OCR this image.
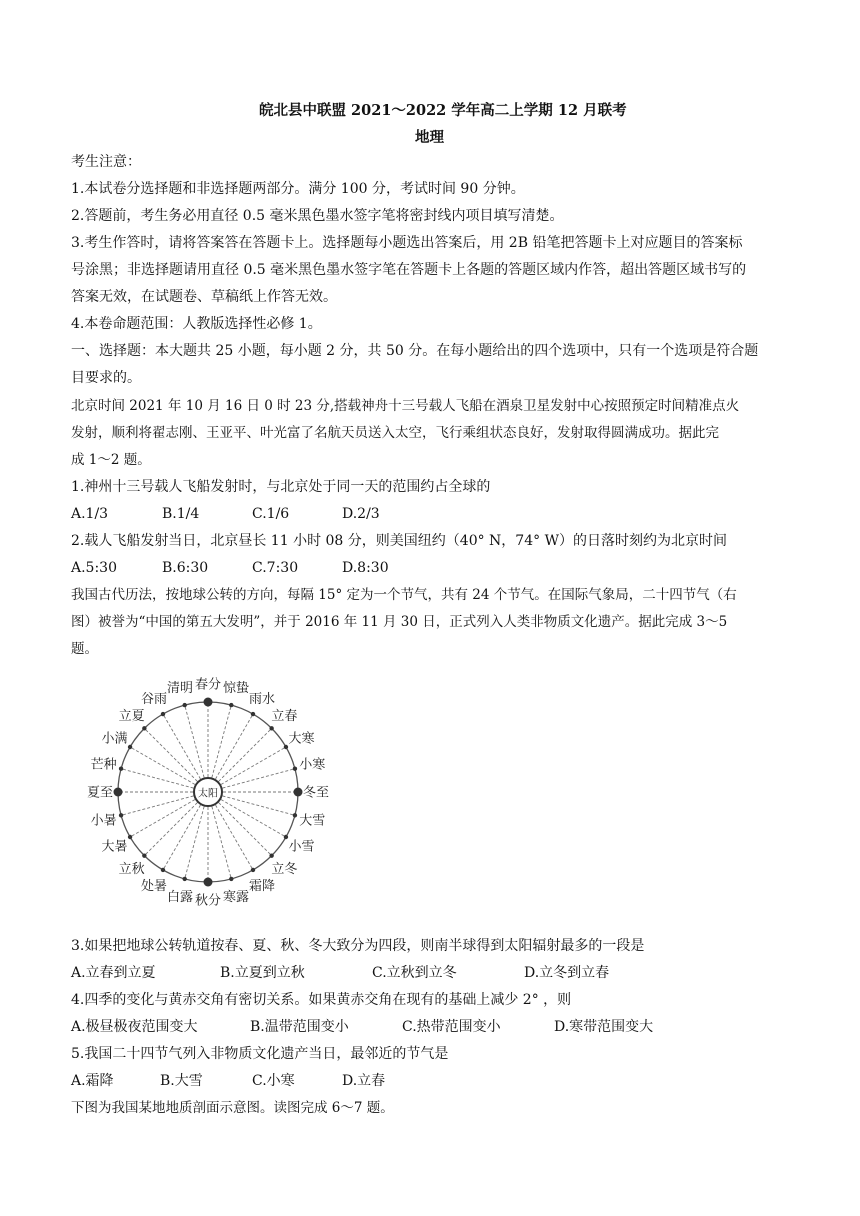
皖北县中联盟 2021～2022 学年高二上学期 12 月联考
地理
考生注意：
1.本试卷分选择题和非选择题两部分。满分 100 分，考试时间 90 分钟。
2.答题前，考生务必用直径 0.5 毫米黑色墨水签字笔将密封线内项目填写清楚。
3.考生作答时，请将答案答在答题卡上。选择题每小题选出答案后，用 2B 铅笔把答题卡上对应题目的答案标
号涂黑；非选择题请用直径 0.5 毫米黑色墨水签字笔在答题卡上各题的答题区域内作答，超出答题区域书写的
答案无效，在试题卷、草稿纸上作答无效。
4.本卷命题范围：人教版选择性必修 1。
一、选择题：本大题共 25 小题，每小题 2 分，共 50 分。在每小题给出的四个选项中，只有一个选项是符合题
目要求的。
北京时间 2021 年 10 月 16 日 0 时 23 分,搭载神舟十三号载人飞船在酒泉卫星发射中心按照预定时间精准点火
发射，顺利将翟志刚、王亚平、叶光富了名航天员送入太空，飞行乘组状态良好，发射取得圆满成功。据此完
成 1～2 题。
1.神州十三号载人飞船发射时，与北京处于同一天的范围约占全球的
A.1/3	B.1/4	C.1/6	D.2/3
2.载人飞船发射当日，北京昼长 11 小时 08 分，则美国纽约（40° N，74° W）的日落时刻约为北京时间
A.5:30	B.6:30	C.7:30	D.8:30
我国古代历法，按地球公转的方向，每隔 15° 定为一个节气，共有 24 个节气。在国际气象局，二十四节气（右
图）被誉为“中国的第五大发明”，并于 2016 年 11 月 30 日，正式列入人类非物质文化遗产。据此完成 3～5
题。
太阳
春分 惊蛰
雨水
立春
大寒
小寒
冬至
大雪
小雪
立冬
霜降
寒露
秋分
白露
处暑
立秋
大暑
小暑
夏至
芒种
小满
立夏
谷雨
清明
3.如果把地球公转轨道按春、夏、秋、冬大致分为四段，则南半球得到太阳辐射最多的一段是
A.立春到立夏	B.立夏到立秋	C.立秋到立冬	D.立冬到立春
4.四季的变化与黄赤交角有密切关系。如果黄赤交角在现有的基础上减少 2° ，则
A.极昼极夜范围变大	B.温带范围变小	C.热带范围变小	D.寒带范围变大
5.我国二十四节气列入非物质文化遗产当日，最邻近的节气是
A.霜降	B.大雪	C.小寒	D.立春
下图为我国某地地质剖面示意图。读图完成 6～7 题。
